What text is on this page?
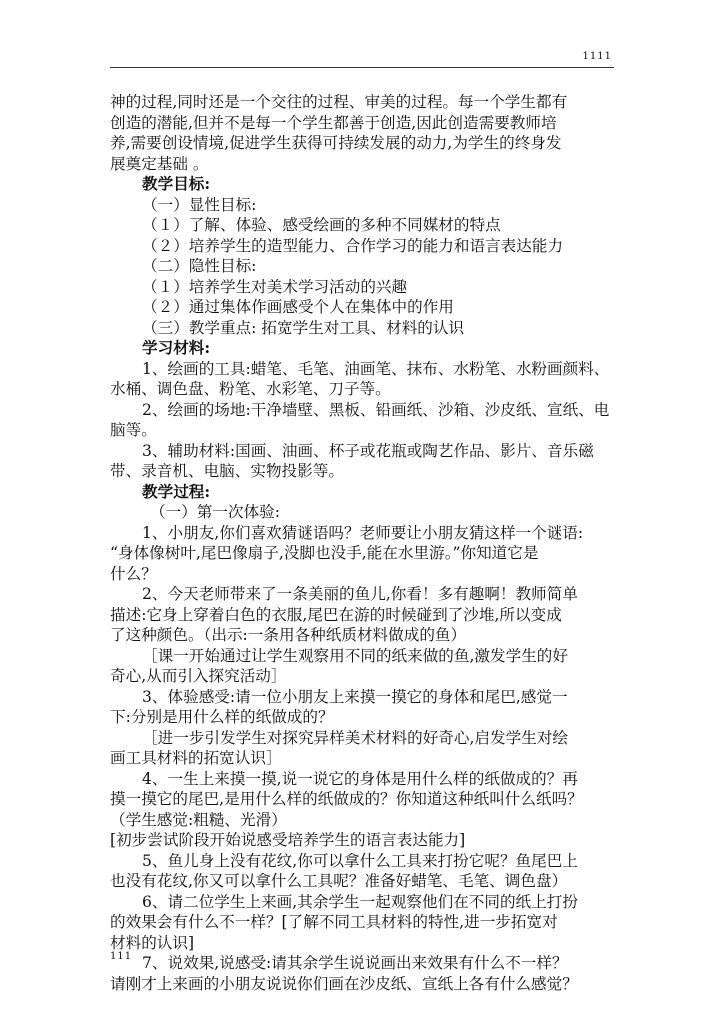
1111

神的过程,同时还是一个交往的过程、审美的过程。每一个学生都有

创造的潜能,但并不是每一个学生都善于创造,因此创造需要教师培

养,需要创设情境,促进学生获得可持续发展的动力,为学生的终身发

展奠定基础 。

教学目标:

（一）显性目标:

（１）了解、体验、感受绘画的多种不同媒材的特点

（２）培养学生的造型能力、合作学习的能力和语言表达能力

（二）隐性目标:

（１）培养学生对美术学习活动的兴趣

（２）通过集体作画感受个人在集体中的作用

（三）教学重点: 拓宽学生对工具、材料的认识

学习材料:

1、绘画的工具:蜡笔、毛笔、油画笔、抹布、水粉笔、水粉画颜料、

水桶、调色盘、粉笔、水彩笔、刀子等。

2、绘画的场地:干净墙壁、黑板、铅画纸、沙箱、沙皮纸、宣纸、电

脑等。

3、辅助材料:国画、油画、杯子或花瓶或陶艺作品、影片、音乐磁

带、录音机、电脑、实物投影等。

教学过程:

（一）第一次体验:

1、小朋友,你们喜欢猜谜语吗？老师要让小朋友猜这样一个谜语:

“身体像树叶,尾巴像扇子,没脚也没手,能在水里游。”你知道它是

什么？

2、今天老师带来了一条美丽的鱼儿,你看！多有趣啊！教师简单

描述:它身上穿着白色的衣服,尾巴在游的时候碰到了沙堆,所以变成

了这种颜色。（出示:一条用各种纸质材料做成的鱼）

［课一开始通过让学生观察用不同的纸来做的鱼,激发学生的好

奇心,从而引入探究活动］

3、体验感受:请一位小朋友上来摸一摸它的身体和尾巴,感觉一

下:分别是用什么样的纸做成的？

［进一步引发学生对探究异样美术材料的好奇心,启发学生对绘

画工具材料的拓宽认识］

4、一生上来摸一摸,说一说它的身体是用什么样的纸做成的？再

摸一摸它的尾巴,是用什么样的纸做成的？你知道这种纸叫什么纸吗？

（学生感觉:粗糙、光滑）

[初步尝试阶段开始说感受培养学生的语言表达能力]

5、鱼儿身上没有花纹,你可以拿什么工具来打扮它呢？鱼尾巴上

也没有花纹,你又可以拿什么工具呢？准备好蜡笔、毛笔、调色盘）

6、请二位学生上来画,其余学生一起观察他们在不同的纸上打扮

的效果会有什么不一样？[了解不同工具材料的特性,进一步拓宽对

材料的认识]

7、说效果,说感受:请其余学生说说画出来效果有什么不一样？

请刚才上来画的小朋友说说你们画在沙皮纸、宣纸上各有什么感觉？

111
